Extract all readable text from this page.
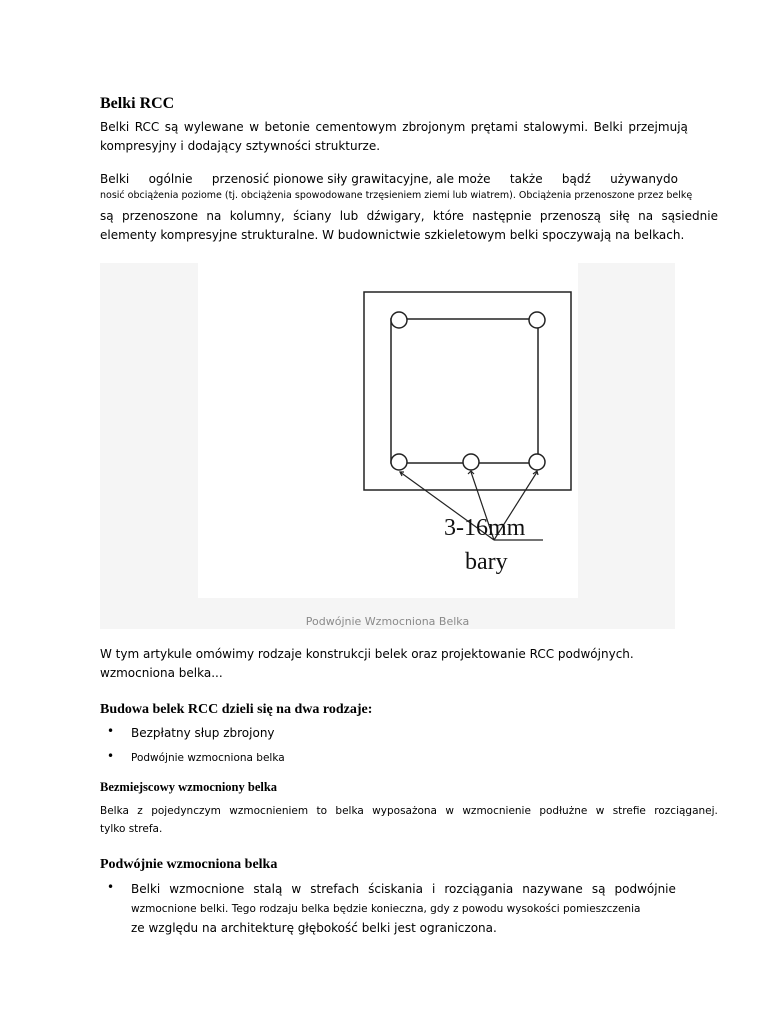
Belki RCC
Belki RCC są wylewane w betonie cementowym zbrojonym prętami stalowymi. Belki przejmują
kompresyjny i dodający sztywności strukturze.
Belki ogólnie przenosić pionowe siły grawitacyjne, ale może także bądź używanydo
nosić obciążenia poziome (tj. obciążenia spowodowane trzęsieniem ziemi lub wiatrem). Obciążenia przenoszone przez belkę
są przenoszone na kolumny, ściany lub dźwigary, które następnie przenoszą siłę na sąsiednie
elementy kompresyjne strukturalne. W budownictwie szkieletowym belki spoczywają na belkach.
3-16mm
bary
Podwójnie Wzmocniona Belka
W tym artykule omówimy rodzaje konstrukcji belek oraz projektowanie RCC podwójnych.
wzmocniona belka...
Budowa belek RCC dzieli się na dwa rodzaje:
• Bezpłatny słup zbrojony
• Podwójnie wzmocniona belka
Bezmiejscowy wzmocniony belka
Belka z pojedynczym wzmocnieniem to belka wyposażona w wzmocnienie podłużne w strefie rozciąganej.
tylko strefa.
Podwójnie wzmocniona belka
• Belki wzmocnione stalą w strefach ściskania i rozciągania nazywane są podwójnie
wzmocnione belki. Tego rodzaju belka będzie konieczna, gdy z powodu wysokości pomieszczenia
ze względu na architekturę głębokość belki jest ograniczona.
